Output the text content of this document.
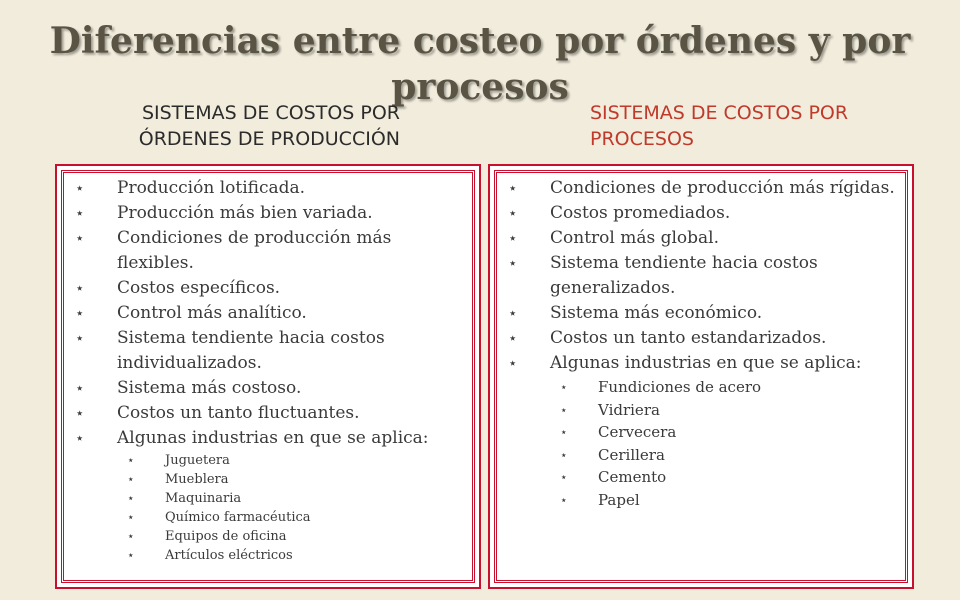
Diferencias entre costeo por órdenes y por procesos
SISTEMAS DE COSTOS POR
ÓRDENES DE PRODUCCIÓN
SISTEMAS DE COSTOS POR
PROCESOS
⋆ Producción lotificada.
⋆ Producción más bien variada.
⋆ Condiciones de producción más flexibles.
⋆ Costos específicos.
⋆ Control más analítico.
⋆ Sistema tendiente hacia costos individualizados.
⋆ Sistema más costoso.
⋆ Costos un tanto fluctuantes.
⋆ Algunas industrias en que se aplica:
⋆ Juguetera
⋆ Mueblera
⋆ Maquinaria
⋆ Químico farmacéutica
⋆ Equipos de oficina
⋆ Artículos eléctricos
⋆ Condiciones de producción más rígidas.
⋆ Costos promediados.
⋆ Control más global.
⋆ Sistema tendiente hacia costos generalizados.
⋆ Sistema más económico.
⋆ Costos un tanto estandarizados.
⋆ Algunas industrias en que se aplica:
⋆ Fundiciones de acero
⋆ Vidriera
⋆ Cervecera
⋆ Cerillera
⋆ Cemento
⋆ Papel
